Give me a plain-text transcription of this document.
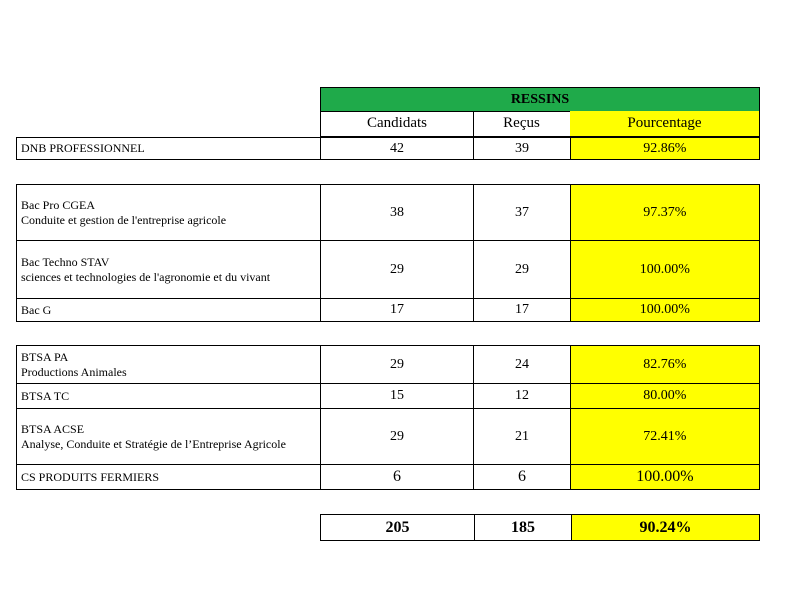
RESSINS
Candidats	Reçus	Pourcentage
DNB PROFESSIONNEL	42	39	92.86%
Bac Pro CGEA
Conduite et gestion de l'entreprise agricole	38	37	97.37%
Bac Techno STAV
sciences et technologies de l'agronomie et du vivant	29	29	100.00%
Bac G	17	17	100.00%
BTSA PA
Productions Animales	29	24	82.76%
BTSA TC	15	12	80.00%
BTSA ACSE
Analyse, Conduite et Stratégie de l’Entreprise Agricole	29	21	72.41%
CS PRODUITS FERMIERS	6	6	100.00%
205	185	90.24%
